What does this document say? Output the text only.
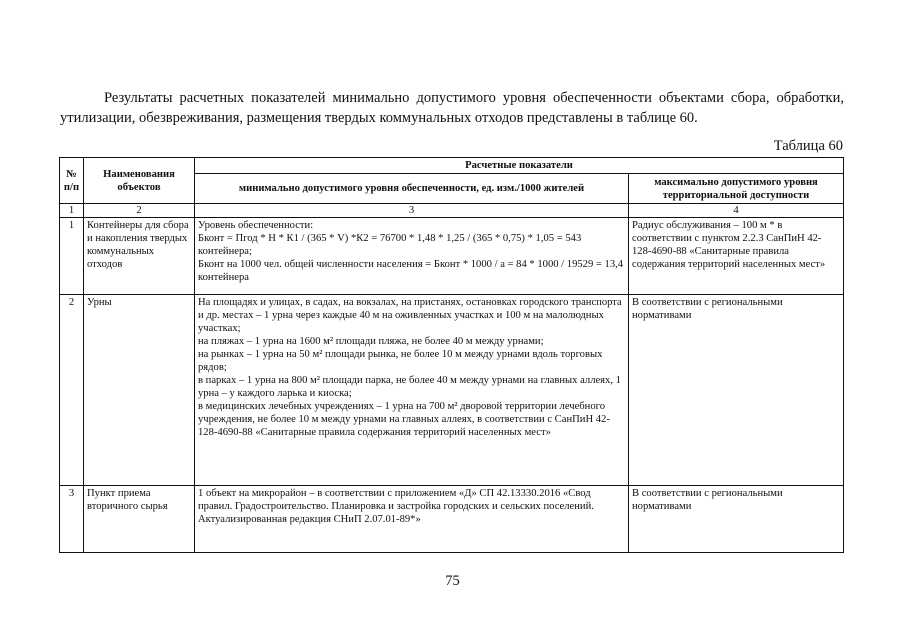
Результаты расчетных показателей минимально допустимого уровня обеспеченности объектами сбора, обработки, утилизации, обезвреживания, размещения твердых коммунальных отходов представлены в таблице 60.

Таблица 60
№ п/п	Наименования объектов	Расчетные показатели	
		минимально допустимого уровня обеспеченности, ед. изм./1000 жителей	максимально допустимого уровня территориальной доступности
1	2	3	4
1	Контейнеры для сбора и накопления твердых коммунальных отходов	Уровень обеспеченности:
Бконт = Пгод * Н * К1 / (365 * V) *К2 = 76700 * 1,48 * 1,25 / (365 * 0,75) * 1,05 = 543 контейнера;
Бконт на 1000 чел. общей численности населения = Бконт * 1000 / а = 84 * 1000 / 19529 = 13,4 контейнера	Радиус обслуживания – 100 м * в соответствии с пунктом 2.2.3 СанПиН 42-128-4690-88 «Санитарные правила содержания территорий населенных мест»
2	Урны	На площадях и улицах, в садах, на вокзалах, на пристанях, остановках городского транспорта и др. местах – 1 урна через каждые 40 м на оживленных участках и 100 м на малолюдных участках;
на пляжах – 1 урна на 1600 м² площади пляжа, не более 40 м между урнами;
на рынках – 1 урна на 50 м² площади рынка, не более 10 м между урнами вдоль торговых рядов;
в парках – 1 урна на 800 м² площади парка, не более 40 м между урнами на главных аллеях, 1 урна – у каждого ларька и киоска;
в медицинских лечебных учреждениях – 1 урна на 700 м² дворовой территории лечебного учреждения, не более 10 м между урнами на главных аллеях, в соответствии с СанПиН 42-128-4690-88 «Санитарные правила содержания территорий населенных мест»	В соответствии с региональными нормативами
3	Пункт приема вторичного сырья	1 объект на микрорайон – в соответствии с приложением «Д» СП 42.13330.2016 «Свод правил. Градостроительство. Планировка и застройка городских и сельских поселений. Актуализированная редакция СНиП 2.07.01-89*»	В соответствии с региональными нормативами
75
